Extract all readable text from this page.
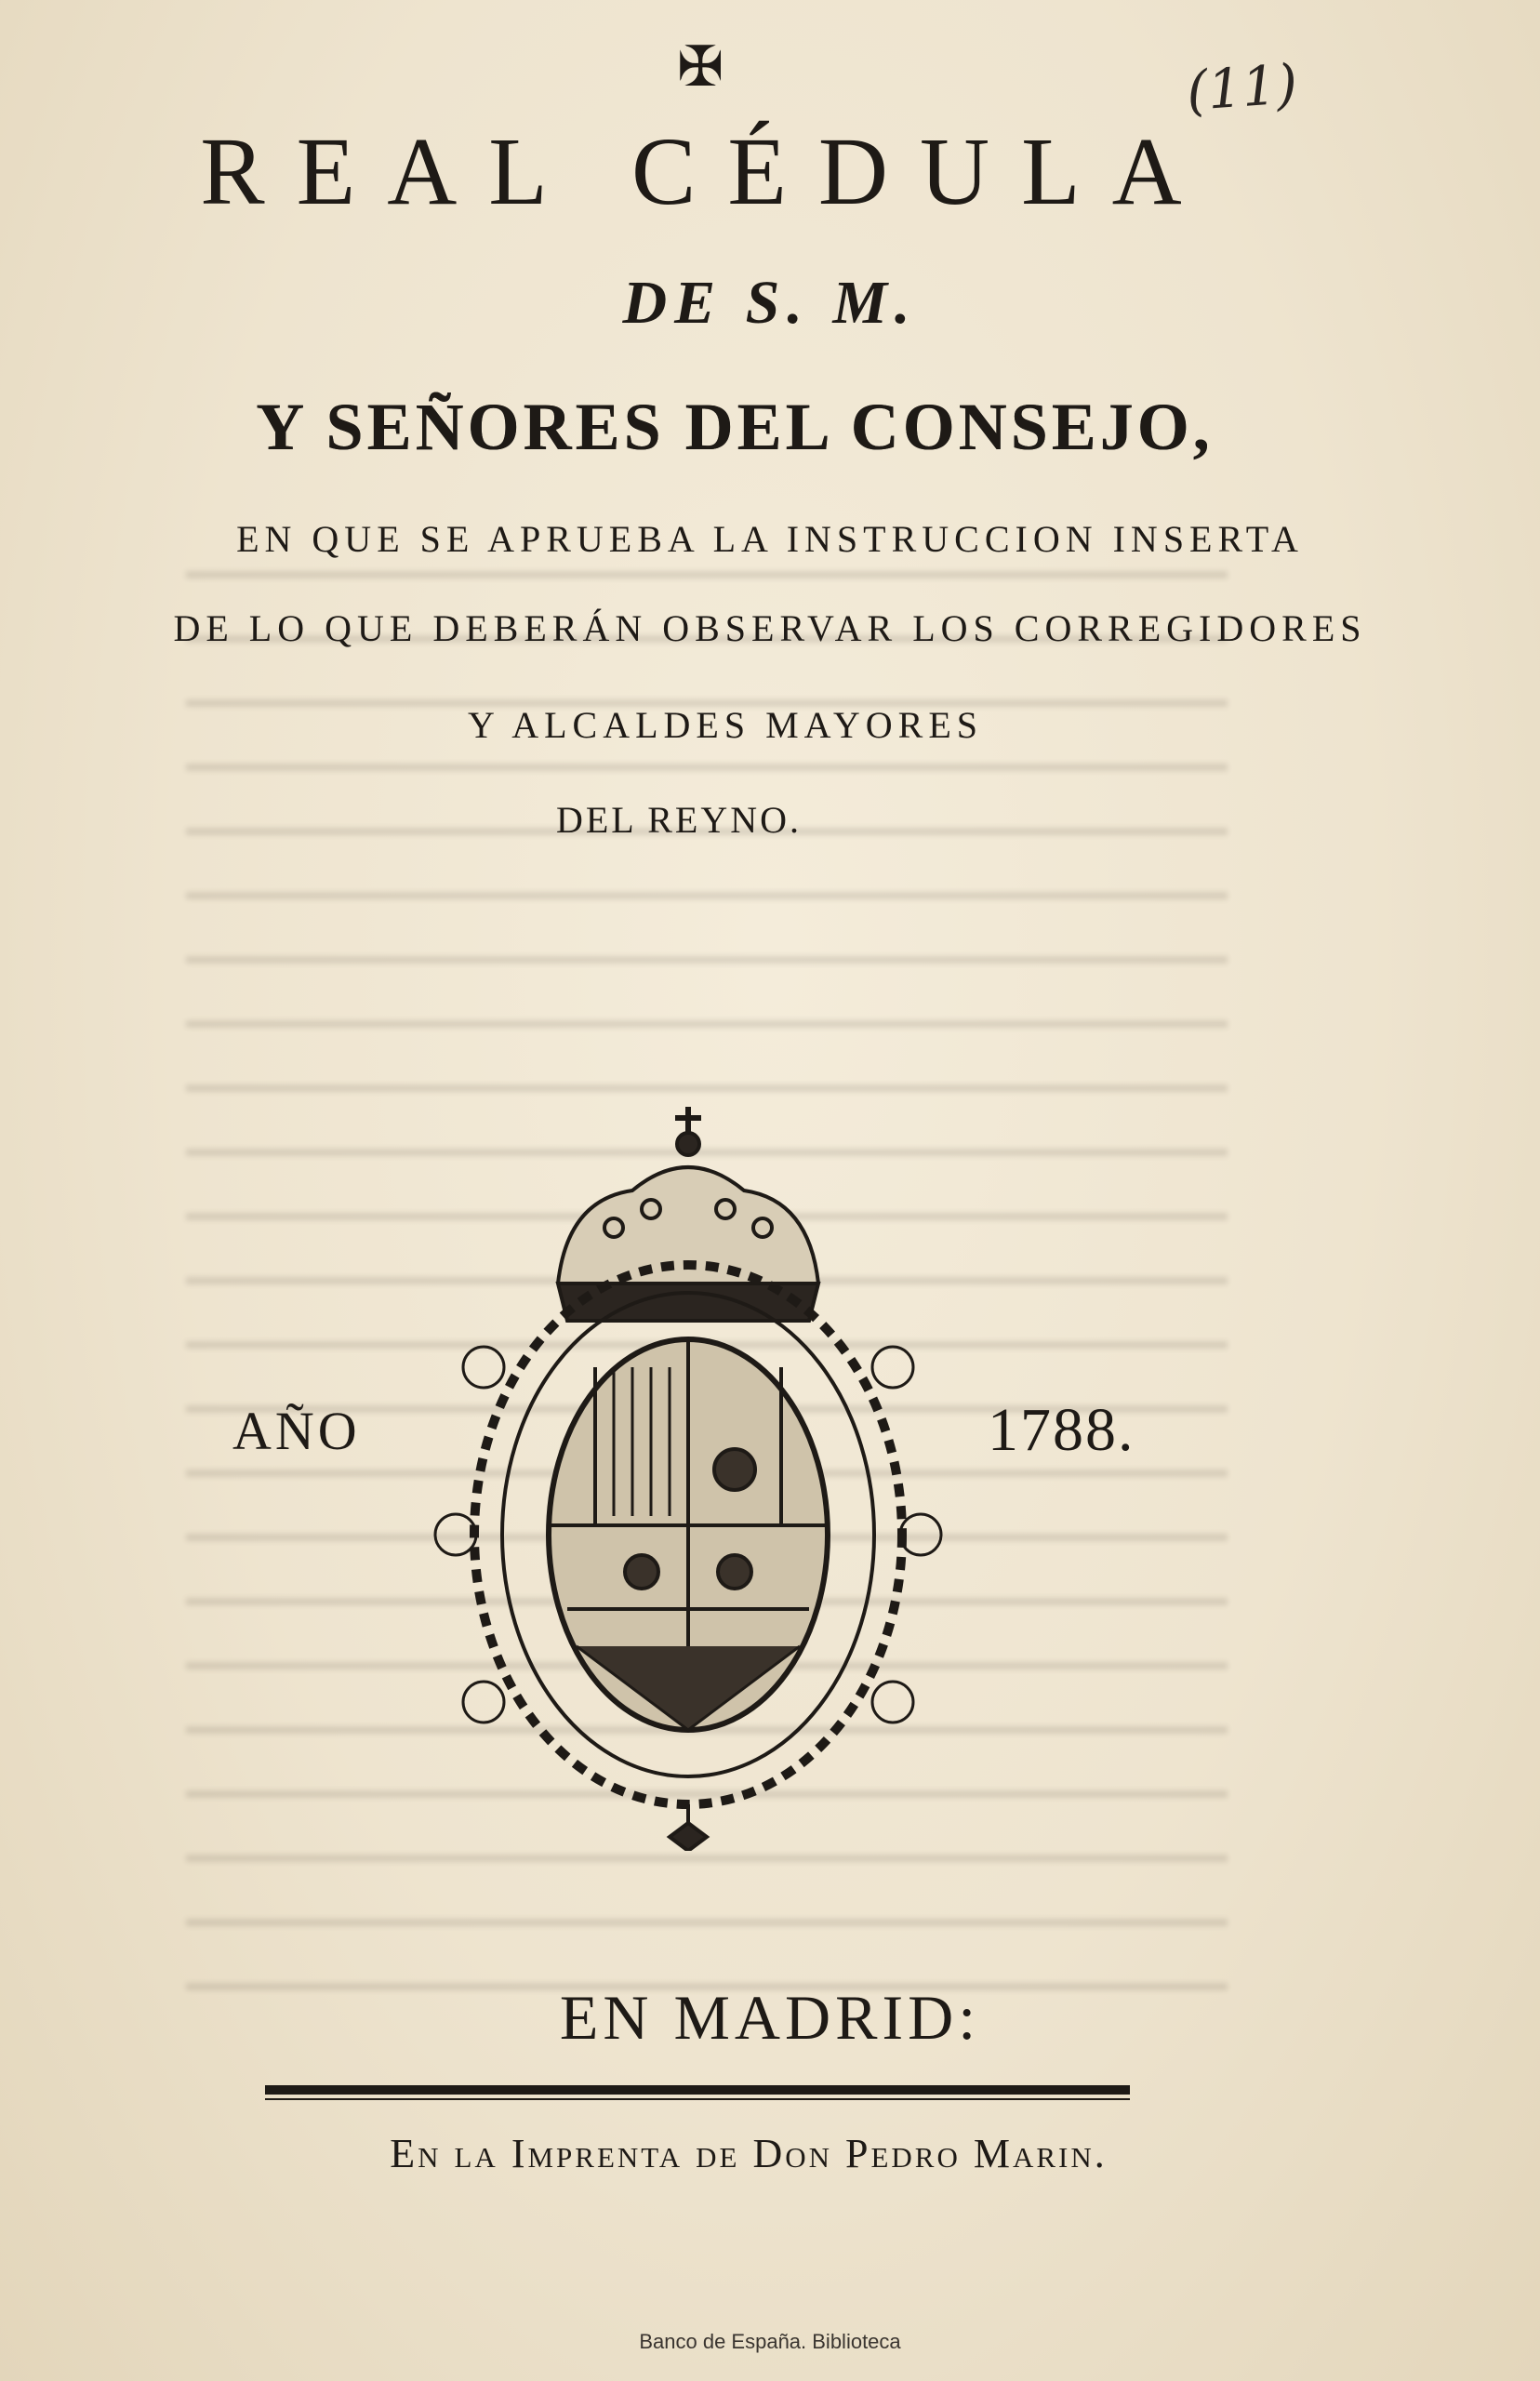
✠	(11)
REAL CÉDULA
DE S. M.
Y SEÑORES DEL CONSEJO,
EN QUE SE APRUEBA LA INSTRUCCION INSERTA
DE LO QUE DEBERÁN OBSERVAR LOS CORREGIDORES
Y ALCALDES MAYORES
DEL REYNO.
AÑO	1788.
EN MADRID:
En la Imprenta de Don Pedro Marin.
Banco de España. Biblioteca
